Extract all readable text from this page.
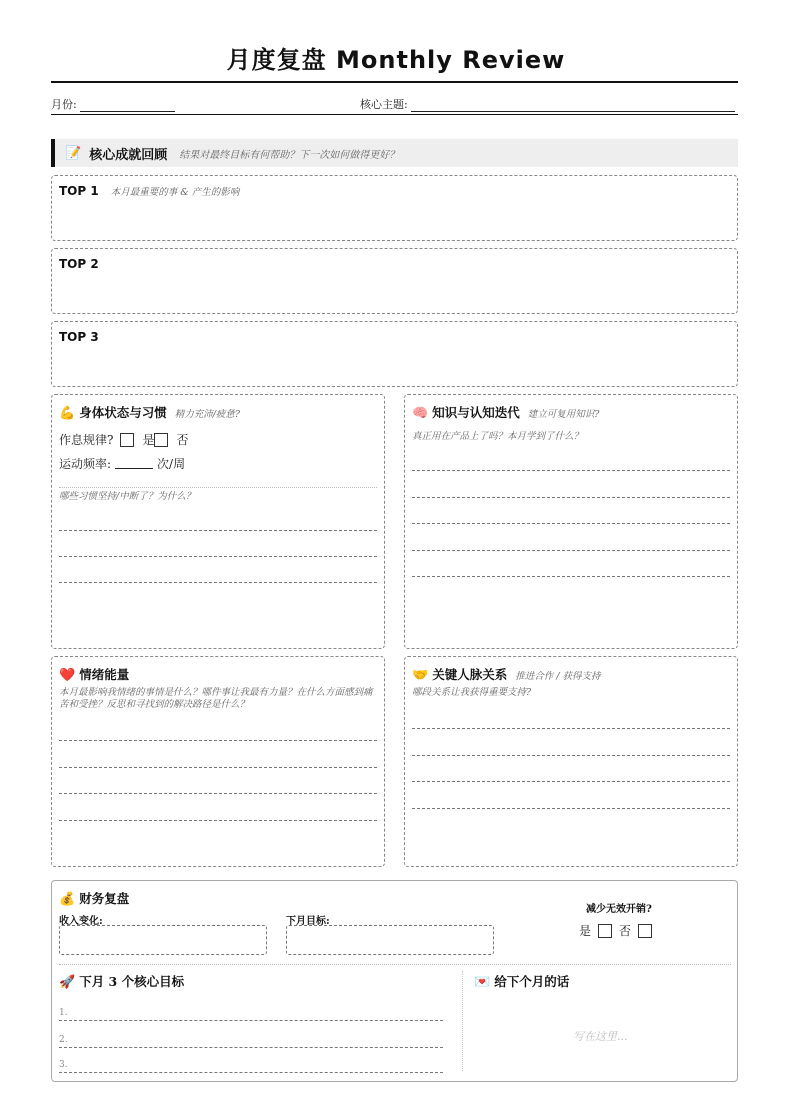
月度复盘 Monthly Review
月份:	核心主题:
📝 核心成就回顾 结果对最终目标有何帮助？下一次如何做得更好？
TOP 1 本月最重要的事 & 产生的影响
TOP 2
TOP 3
💪 身体状态与习惯 精力充沛/疲惫?
作息规律? 是 否
运动频率:	次/周
哪些习惯坚持/中断了？为什么？
🧠 知识与认知迭代 建立可复用知识?
真正用在产品上了吗？本月学到了什么？
❤️ 情绪能量
本月最影响我情绪的事情是什么？哪件事让我最有力量？在什么方面感到痛苦和受挫？反思和寻找到的解决路径是什么？
🤝 关键人脉关系 推进合作 / 获得支持
哪段关系让我获得重要支持?
💰 财务复盘
收入变化:	下月目标:
减少无效开销?
是 否
🚀 下月 3 个核心目标
1.
2.
3.
💌 给下个月的话
写在这里...
